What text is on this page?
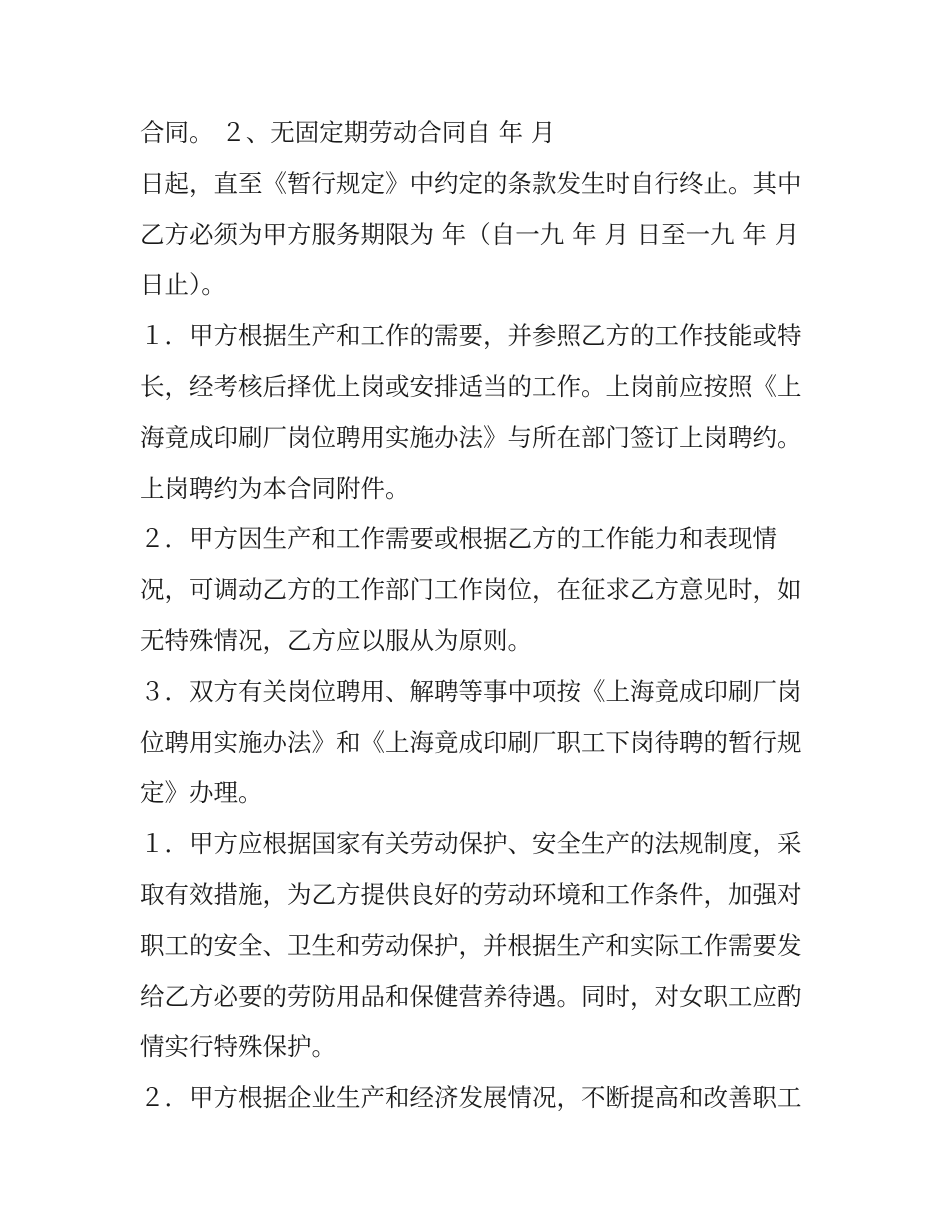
合同。 ２、无固定期劳动合同自 年 月

日起，直至《暂行规定》中约定的条款发生时自行终止。其中
乙方必须为甲方服务期限为 年（自一九 年 月 日至一九 年 月
日止）。

１．甲方根据生产和工作的需要，并参照乙方的工作技能或特
长，经考核后择优上岗或安排适当的工作。上岗前应按照《上
海竟成印刷厂岗位聘用实施办法》与所在部门签订上岗聘约。
上岗聘约为本合同附件。

２．甲方因生产和工作需要或根据乙方的工作能力和表现情
况，可调动乙方的工作部门工作岗位，在征求乙方意见时，如
无特殊情况，乙方应以服从为原则。

３．双方有关岗位聘用、解聘等事中项按《上海竟成印刷厂岗
位聘用实施办法》和《上海竟成印刷厂职工下岗待聘的暂行规
定》办理。

１．甲方应根据国家有关劳动保护、安全生产的法规制度，采
取有效措施，为乙方提供良好的劳动环境和工作条件，加强对
职工的安全、卫生和劳动保护，并根据生产和实际工作需要发
给乙方必要的劳防用品和保健营养待遇。同时，对女职工应酌
情实行特殊保护。

２．甲方根据企业生产和经济发展情况，不断提高和改善职工
